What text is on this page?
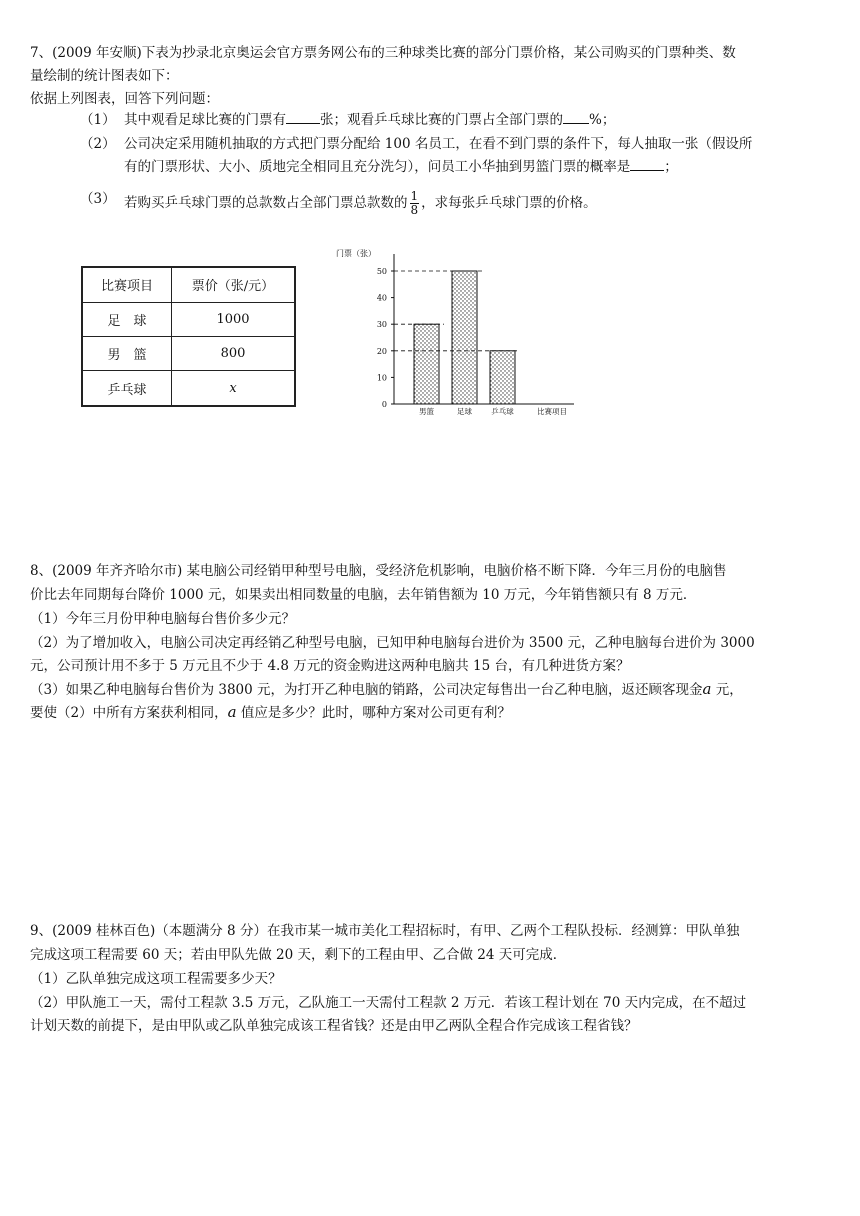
7、(2009 年安顺)下表为抄录北京奥运会官方票务网公布的三种球类比赛的部分门票价格，某公司购买的门票种类、数
量绘制的统计图表如下：
依据上列图表，回答下列问题：
（1） 其中观看足球比赛的门票有	张；观看乒乓球比赛的门票占全部门票的 %；
（2） 公司决定采用随机抽取的方式把门票分配给 100 名员工，在看不到门票的条件下，每人抽取一张（假设所
有的门票形状、大小、质地完全相同且充分洗匀），问员工小华抽到男篮门票的概率是	；
（3） 若购买乒乓球门票的总款数占全部门票总款数的 $\frac{1}{8}$ ，求每张乒乓球门票的价格。
比赛项目	票价（张/元）
足　球	1000
男　篮	800
乒乓球	x
门票（张）
0
10
20
30
40
50
男篮	足球	乒乓球	比赛项目
8、(2009 年齐齐哈尔市) 某电脑公司经销甲种型号电脑，受经济危机影响，电脑价格不断下降．今年三月份的电脑售
价比去年同期每台降价 1000 元，如果卖出相同数量的电脑，去年销售额为 10 万元，今年销售额只有 8 万元．
（1）今年三月份甲种电脑每台售价多少元？
（2）为了增加收入，电脑公司决定再经销乙种型号电脑，已知甲种电脑每台进价为 3500 元，乙种电脑每台进价为 3000
元，公司预计用不多于 5 万元且不少于 4.8 万元的资金购进这两种电脑共 15 台，有几种进货方案？
（3）如果乙种电脑每台售价为 3800 元，为打开乙种电脑的销路，公司决定每售出一台乙种电脑，返还顾客现金a 元，
要使（2）中所有方案获利相同，a 值应是多少？此时，哪种方案对公司更有利？
9、(2009 桂林百色)（本题满分 8 分）在我市某一城市美化工程招标时，有甲、乙两个工程队投标．经测算：甲队单独
完成这项工程需要 60 天；若由甲队先做 20 天，剩下的工程由甲、乙合做 24 天可完成．
（1）乙队单独完成这项工程需要多少天？
（2）甲队施工一天，需付工程款 3.5 万元，乙队施工一天需付工程款 2 万元．若该工程计划在 70 天内完成，在不超过
计划天数的前提下，是由甲队或乙队单独完成该工程省钱？还是由甲乙两队全程合作完成该工程省钱？
